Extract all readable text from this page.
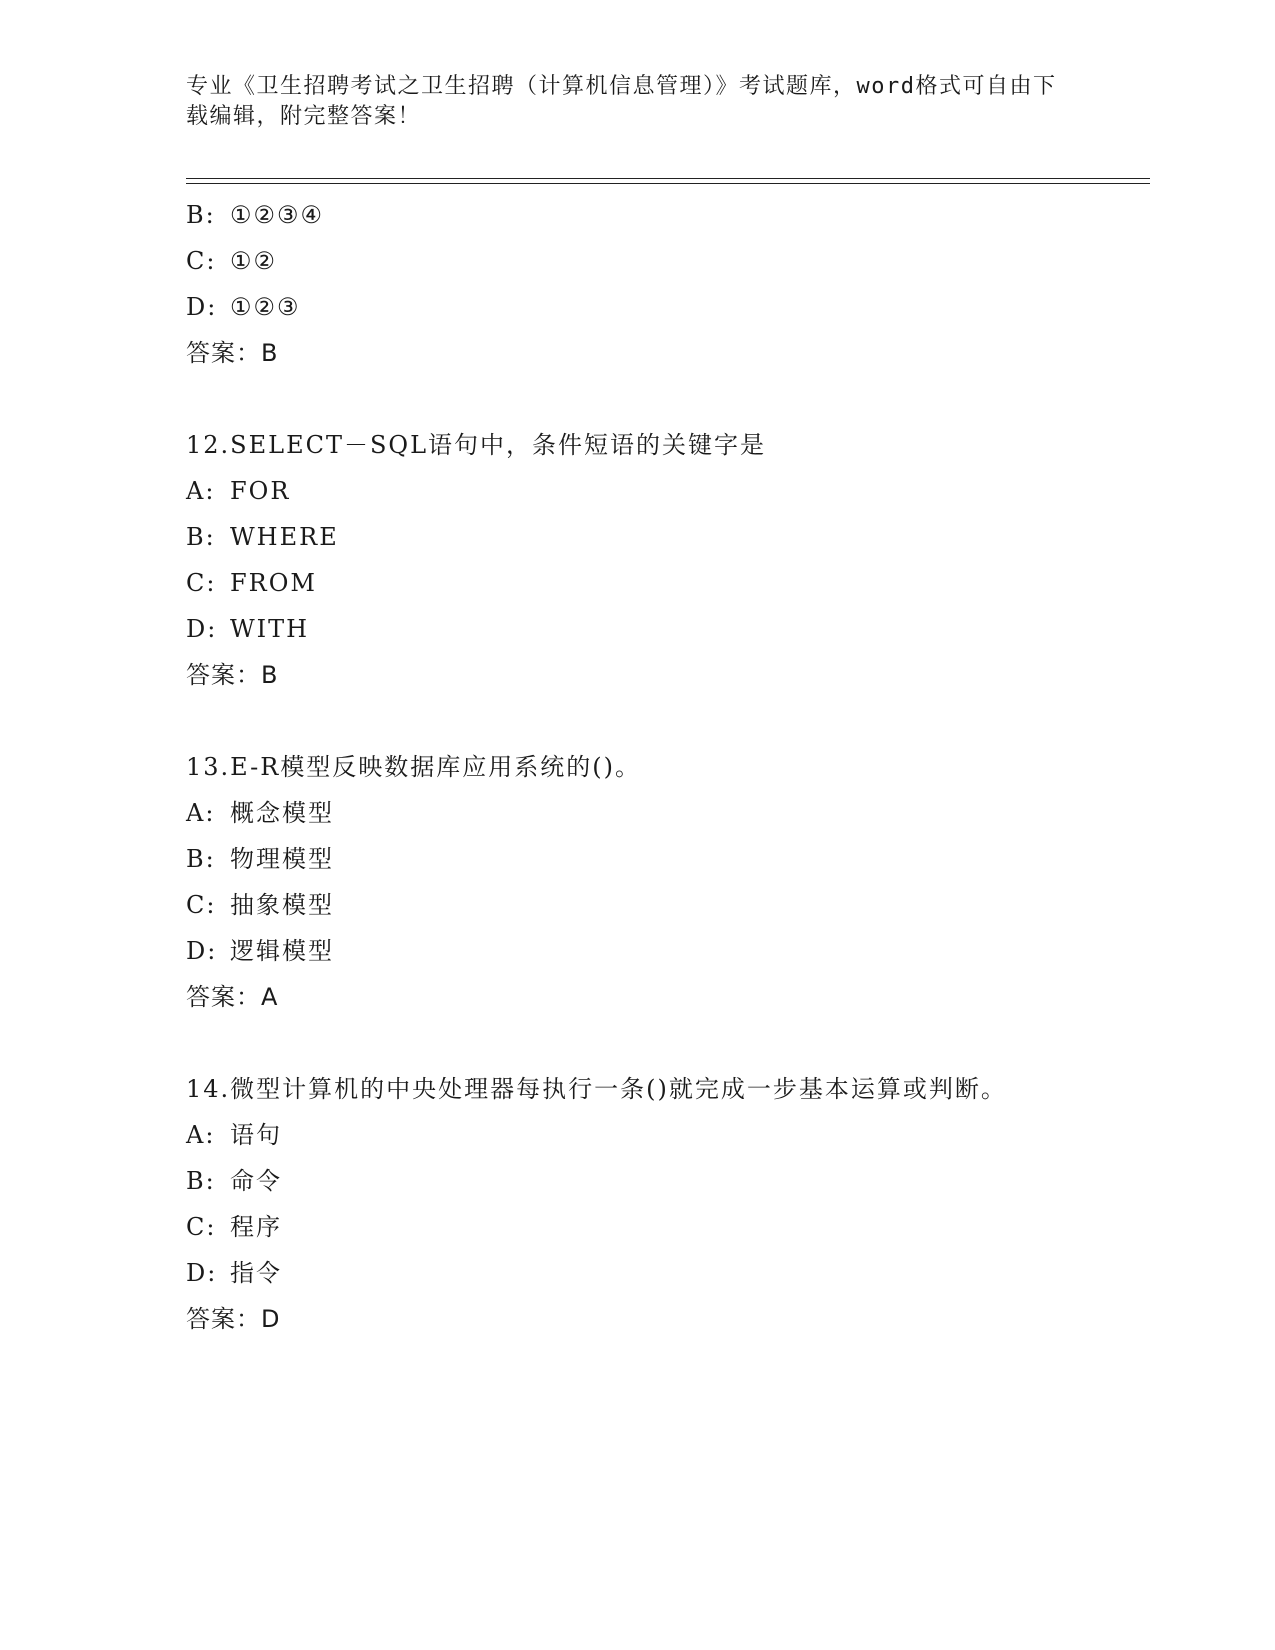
专业《卫生招聘考试之卫生招聘（计算机信息管理）》考试题库，word格式可自由下载编辑，附完整答案！
B: ①②③④
C: ①②
D: ①②③
答案：B
12.SELECT－SQL语句中，条件短语的关键字是
A: FOR
B: WHERE
C: FROM
D: WITH
答案：B
13.E-R模型反映数据库应用系统的()。
A: 概念模型
B: 物理模型
C: 抽象模型
D: 逻辑模型
答案：A
14.微型计算机的中央处理器每执行一条()就完成一步基本运算或判断。
A: 语句
B: 命令
C: 程序
D: 指令
答案：D
